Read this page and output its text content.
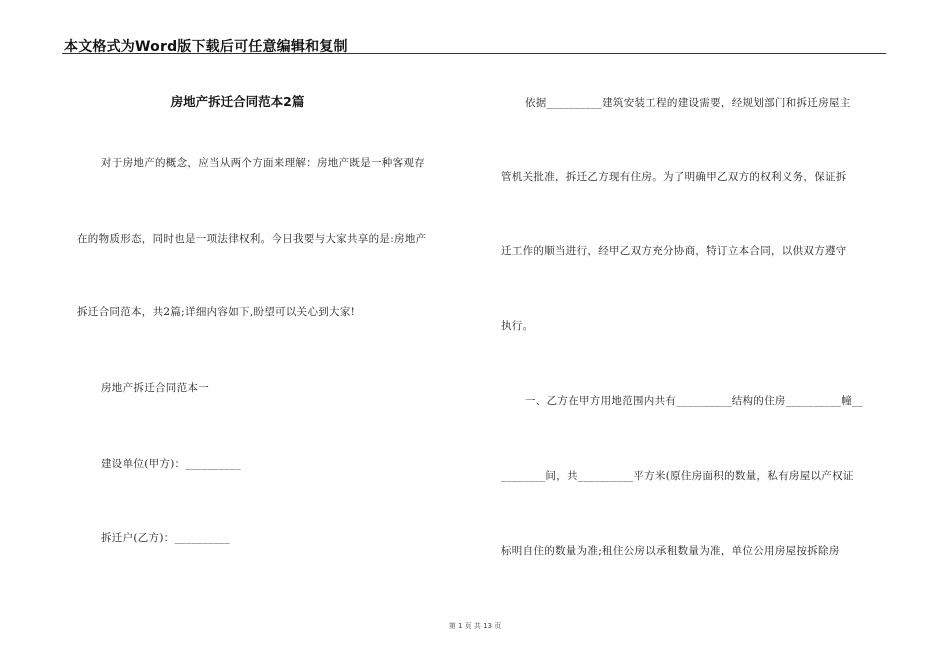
本文格式为Word版下载后可任意编辑和复制
房地产拆迁合同范本2篇
对于房地产的概念，应当从两个方面来理解：房地产既是一种客观存
在的物质形态，同时也是一项法律权利。今日我要与大家共享的是:房地产
拆迁合同范本，共2篇;详细内容如下,盼望可以关心到大家!
房地产拆迁合同范本一
建设单位(甲方)：__________
拆迁户(乙方)：__________
依据__________建筑安装工程的建设需要，经规划部门和拆迁房屋主
管机关批准，拆迁乙方现有住房。为了明确甲乙双方的权利义务，保证拆
迁工作的顺当进行，经甲乙双方充分协商，特订立本合同，以供双方遵守
执行。
一、乙方在甲方用地范围内共有__________结构的住房__________幢__
________间，共__________平方米(原住房面积的数量，私有房屋以产权证
标明自住的数量为准;租住公房以承租数量为准，单位公用房屋按拆除房
第 1 页 共 13 页
